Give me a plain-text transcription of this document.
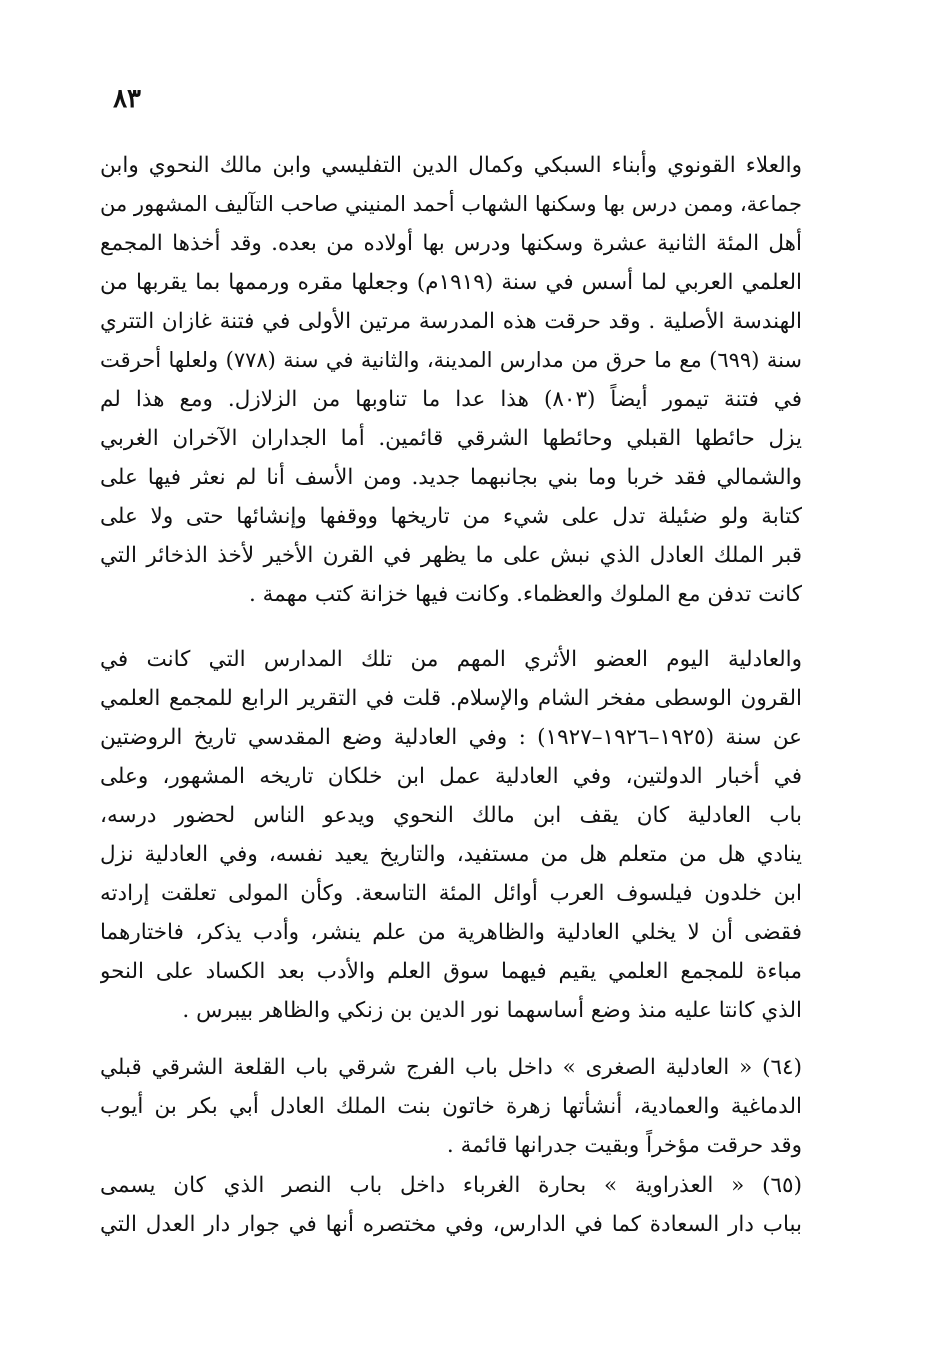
٨٣
والعلاء القونوي وأبناء السبكي وكمال الدين التفليسي وابن مالك النحوي وابن
جماعة، وممن درس بها وسكنها الشهاب أحمد المنيني صاحب التآليف المشهور من
أهل المئة الثانية عشرة وسكنها ودرس بها أولاده من بعده. وقد أخذها المجمع
العلمي العربي لما أسس في سنة (١٩١٩م) وجعلها مقره ورممها بما يقربها من
الهندسة الأصلية . وقد حرقت هذه المدرسة مرتين الأولى في فتنة غازان التتري
سنة (٦٩٩) مع ما حرق من مدارس المدينة، والثانية في سنة (٧٧٨) ولعلها أحرقت
في فتنة تيمور أيضاً (٨٠٣) هذا عدا ما تناوبها من الزلازل. ومع هذا لم
يزل حائطها القبلي وحائطها الشرقي قائمين. أما الجداران الآخران الغربي
والشمالي فقد خربا وما بني بجانبهما جديد. ومن الأسف أنا لم نعثر فيها على
كتابة ولو ضئيلة تدل على شيء من تاريخها ووقفها وإنشائها حتى ولا على
قبر الملك العادل الذي نبش على ما يظهر في القرن الأخير لأخذ الذخائر التي
كانت تدفن مع الملوك والعظماء. وكانت فيها خزانة كتب مهمة .
والعادلية اليوم العضو الأثري المهم من تلك المدارس التي كانت في
القرون الوسطى مفخر الشام والإسلام. قلت في التقرير الرابع للمجمع العلمي
عن سنة (١٩٢٥–١٩٢٦–١٩٢٧) : وفي العادلية وضع المقدسي تاريخ الروضتين
في أخبار الدولتين، وفي العادلية عمل ابن خلكان تاريخه المشهور، وعلى
باب العادلية كان يقف ابن مالك النحوي ويدعو الناس لحضور درسه،
ينادي هل من متعلم هل من مستفيد، والتاريخ يعيد نفسه، وفي العادلية نزل
ابن خلدون فيلسوف العرب أوائل المئة التاسعة. وكأن المولى تعلقت إرادته
فقضى أن لا يخلي العادلية والظاهرية من علم ينشر، وأدب يذكر، فاختارهما
مباءة للمجمع العلمي يقيم فيهما سوق العلم والأدب بعد الكساد على النحو
الذي كانتا عليه منذ وضع أساسهما نور الدين بن زنكي والظاهر بيبرس .
(٦٤) « العادلية الصغرى » داخل باب الفرج شرقي باب القلعة الشرقي قبلي
الدماغية والعمادية، أنشأتها زهرة خاتون بنت الملك العادل أبي بكر بن أيوب
وقد حرقت مؤخراً وبقيت جدرانها قائمة .
(٦٥) « العذراوية » بحارة الغرباء داخل باب النصر الذي كان يسمى
بباب دار السعادة كما في الدارس، وفي مختصره أنها في جوار دار العدل التي
